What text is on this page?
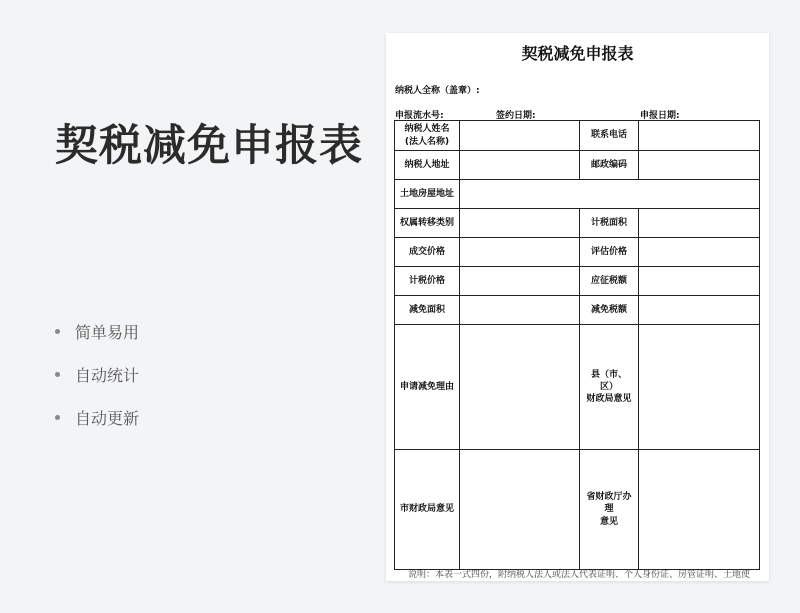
契税减免申报表
简单易用
自动统计
自动更新
契税减免申报表
纳税人全称（盖章）:
申报流水号:	签约日期:	申报日期:
纳税人姓名
(法人名称)		联系电话	
纳税人地址		邮政编码	
土地房屋地址			
权属转移类别		计税面积	
成交价格		评估价格	
计税价格		应征税额	
减免面积		减免税额	
申请减免理由		县（市、
区）
财政局意见	
市财政局意见		省财政厅办
理
意见	
说明：本表一式四份，附纳税人法人或法人代表证明、个人身份证、房管证明、土地使
